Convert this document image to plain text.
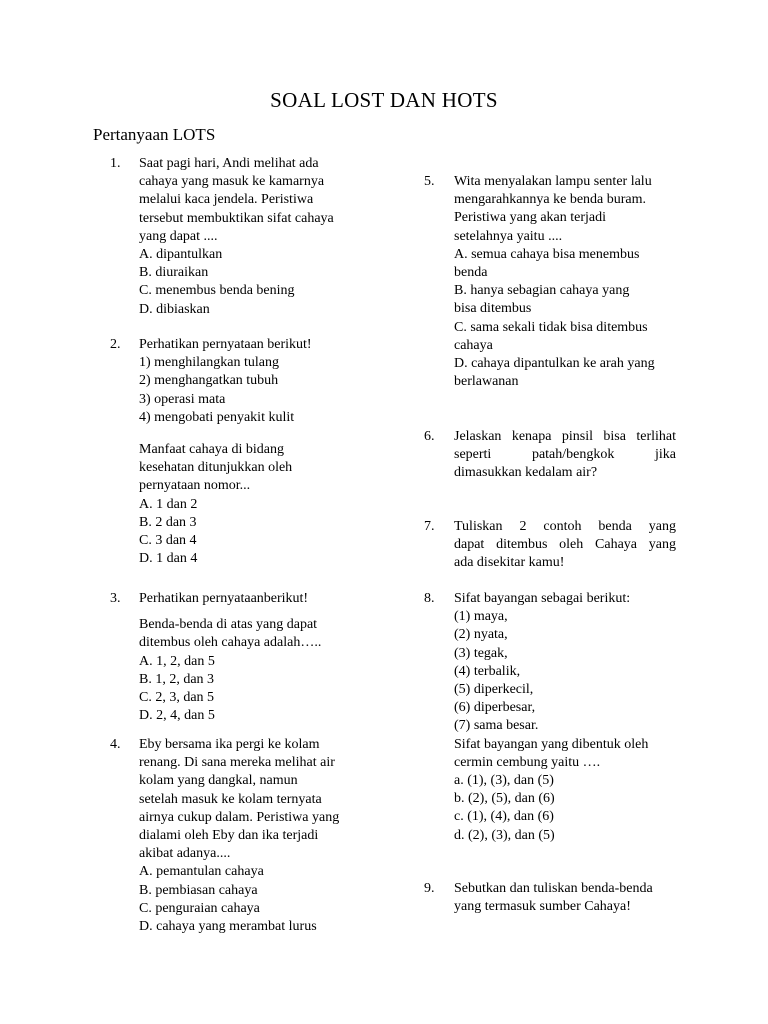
SOAL LOST DAN HOTS
Pertanyaan LOTS
1. Saat pagi hari, Andi melihat ada
cahaya yang masuk ke kamarnya
melalui kaca jendela. Peristiwa
tersebut membuktikan sifat cahaya
yang dapat ....
A. dipantulkan
B. diuraikan
C. menembus benda bening
D. dibiaskan
2. Perhatikan pernyataan berikut!
1) menghilangkan tulang
2) menghangatkan tubuh
3) operasi mata
4) mengobati penyakit kulit
Manfaat cahaya di bidang
kesehatan ditunjukkan oleh
pernyataan nomor...
A. 1 dan 2
B. 2 dan 3
C. 3 dan 4
D. 1 dan 4
3. Perhatikan pernyataanberikut!
Benda-benda di atas yang dapat
ditembus oleh cahaya adalah…..
A. 1, 2, dan 5
B. 1, 2, dan 3
C. 2, 3, dan 5
D. 2, 4, dan 5
4. Eby bersama ika pergi ke kolam
renang. Di sana mereka melihat air
kolam yang dangkal, namun
setelah masuk ke kolam ternyata
airnya cukup dalam. Peristiwa yang
dialami oleh Eby dan ika terjadi
akibat adanya....
A. pemantulan cahaya
B. pembiasan cahaya
C. penguraian cahaya
D. cahaya yang merambat lurus
5. Wita menyalakan lampu senter lalu
mengarahkannya ke benda buram.
Peristiwa yang akan terjadi
setelahnya yaitu ....
A. semua cahaya bisa menembus
benda
B. hanya sebagian cahaya yang
bisa ditembus
C. sama sekali tidak bisa ditembus
cahaya
D. cahaya dipantulkan ke arah yang
berlawanan
6. Jelaskan kenapa pinsil bisa terlihat
seperti patah/bengkok jika
dimasukkan kedalam air?
7. Tuliskan 2 contoh benda yang
dapat ditembus oleh Cahaya yang
ada disekitar kamu!
8. Sifat bayangan sebagai berikut:
(1) maya,
(2) nyata,
(3) tegak,
(4) terbalik,
(5) diperkecil,
(6) diperbesar,
(7) sama besar.
Sifat bayangan yang dibentuk oleh
cermin cembung yaitu ….
a. (1), (3), dan (5)
b. (2), (5), dan (6)
c. (1), (4), dan (6)
d. (2), (3), dan (5)
9. Sebutkan dan tuliskan benda-benda
yang termasuk sumber Cahaya!
